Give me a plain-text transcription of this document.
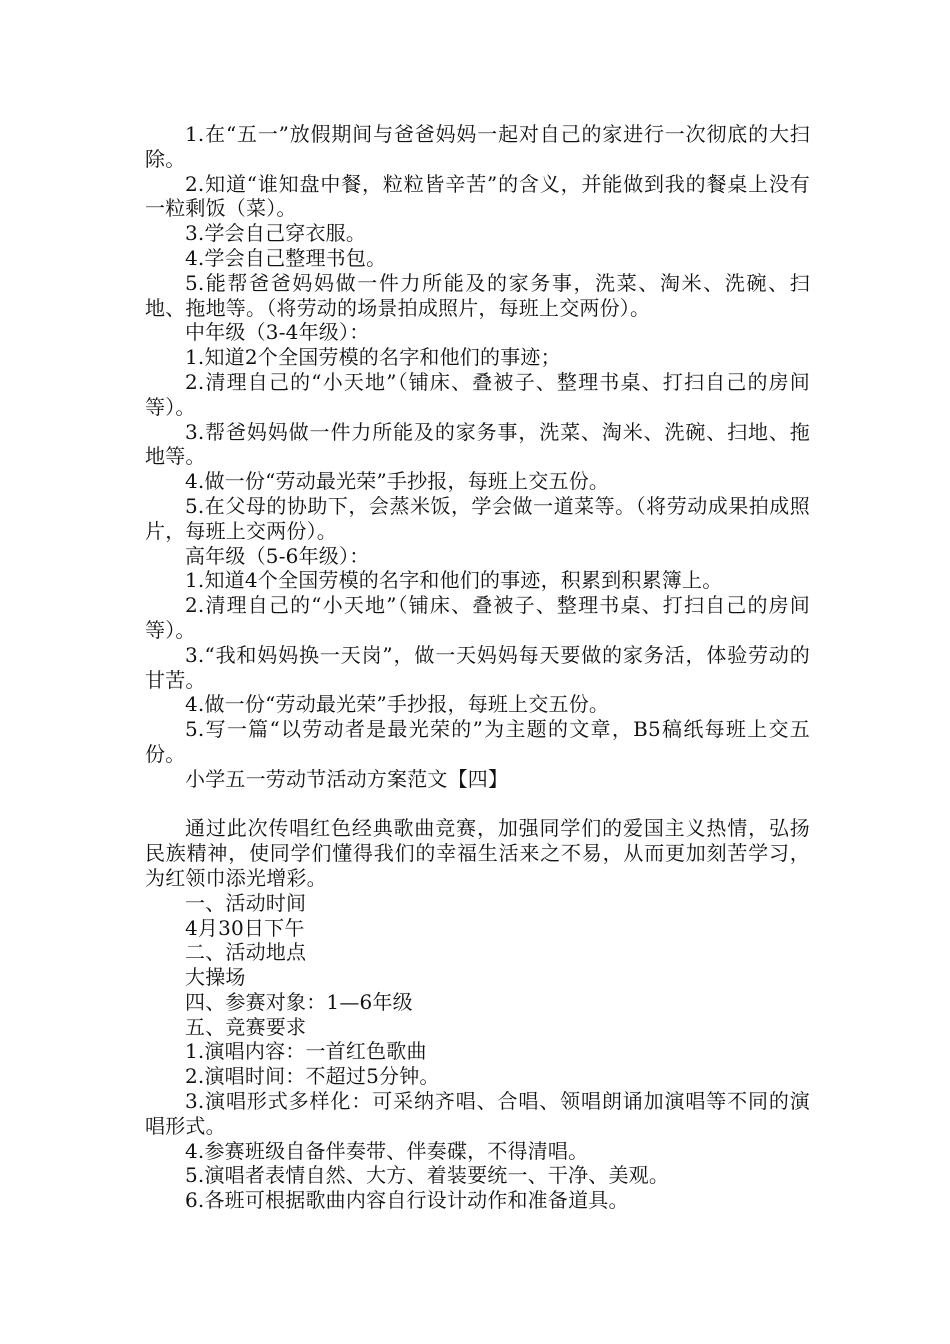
1.在“五一”放假期间与爸爸妈妈一起对自己的家进行一次彻底的大扫除。

2.知道“谁知盘中餐，粒粒皆辛苦”的含义，并能做到我的餐桌上没有一粒剩饭（菜）。

3.学会自己穿衣服。

4.学会自己整理书包。

5.能帮爸爸妈妈做一件力所能及的家务事，洗菜、淘米、洗碗、扫地、拖地等。（将劳动的场景拍成照片，每班上交两份）。

中年级（3-4年级）：

1.知道2个全国劳模的名字和他们的事迹；

2.清理自己的“小天地”（铺床、叠被子、整理书桌、打扫自己的房间等）。

3.帮爸妈妈做一件力所能及的家务事，洗菜、淘米、洗碗、扫地、拖地等。

4.做一份“劳动最光荣”手抄报，每班上交五份。

5.在父母的协助下，会蒸米饭，学会做一道菜等。（将劳动成果拍成照片，每班上交两份）。

高年级（5-6年级）：

1.知道4个全国劳模的名字和他们的事迹，积累到积累簿上。

2.清理自己的“小天地”（铺床、叠被子、整理书桌、打扫自己的房间等）。

3.“我和妈妈换一天岗”，做一天妈妈每天要做的家务活，体验劳动的甘苦。

4.做一份“劳动最光荣”手抄报，每班上交五份。

5.写一篇“以劳动者是最光荣的”为主题的文章，B5稿纸每班上交五份。

小学五一劳动节活动方案范文【四】

通过此次传唱红色经典歌曲竞赛，加强同学们的爱国主义热情，弘扬民族精神，使同学们懂得我们的幸福生活来之不易，从而更加刻苦学习，为红领巾添光增彩。

一、活动时间

4月30日下午

二、活动地点

大操场

四、参赛对象：1—6年级

五、竞赛要求

1.演唱内容：一首红色歌曲

2.演唱时间：不超过5分钟。

3.演唱形式多样化：可采纳齐唱、合唱、领唱朗诵加演唱等不同的演唱形式。

4.参赛班级自备伴奏带、伴奏碟，不得清唱。

5.演唱者表情自然、大方、着装要统一、干净、美观。

6.各班可根据歌曲内容自行设计动作和准备道具。
